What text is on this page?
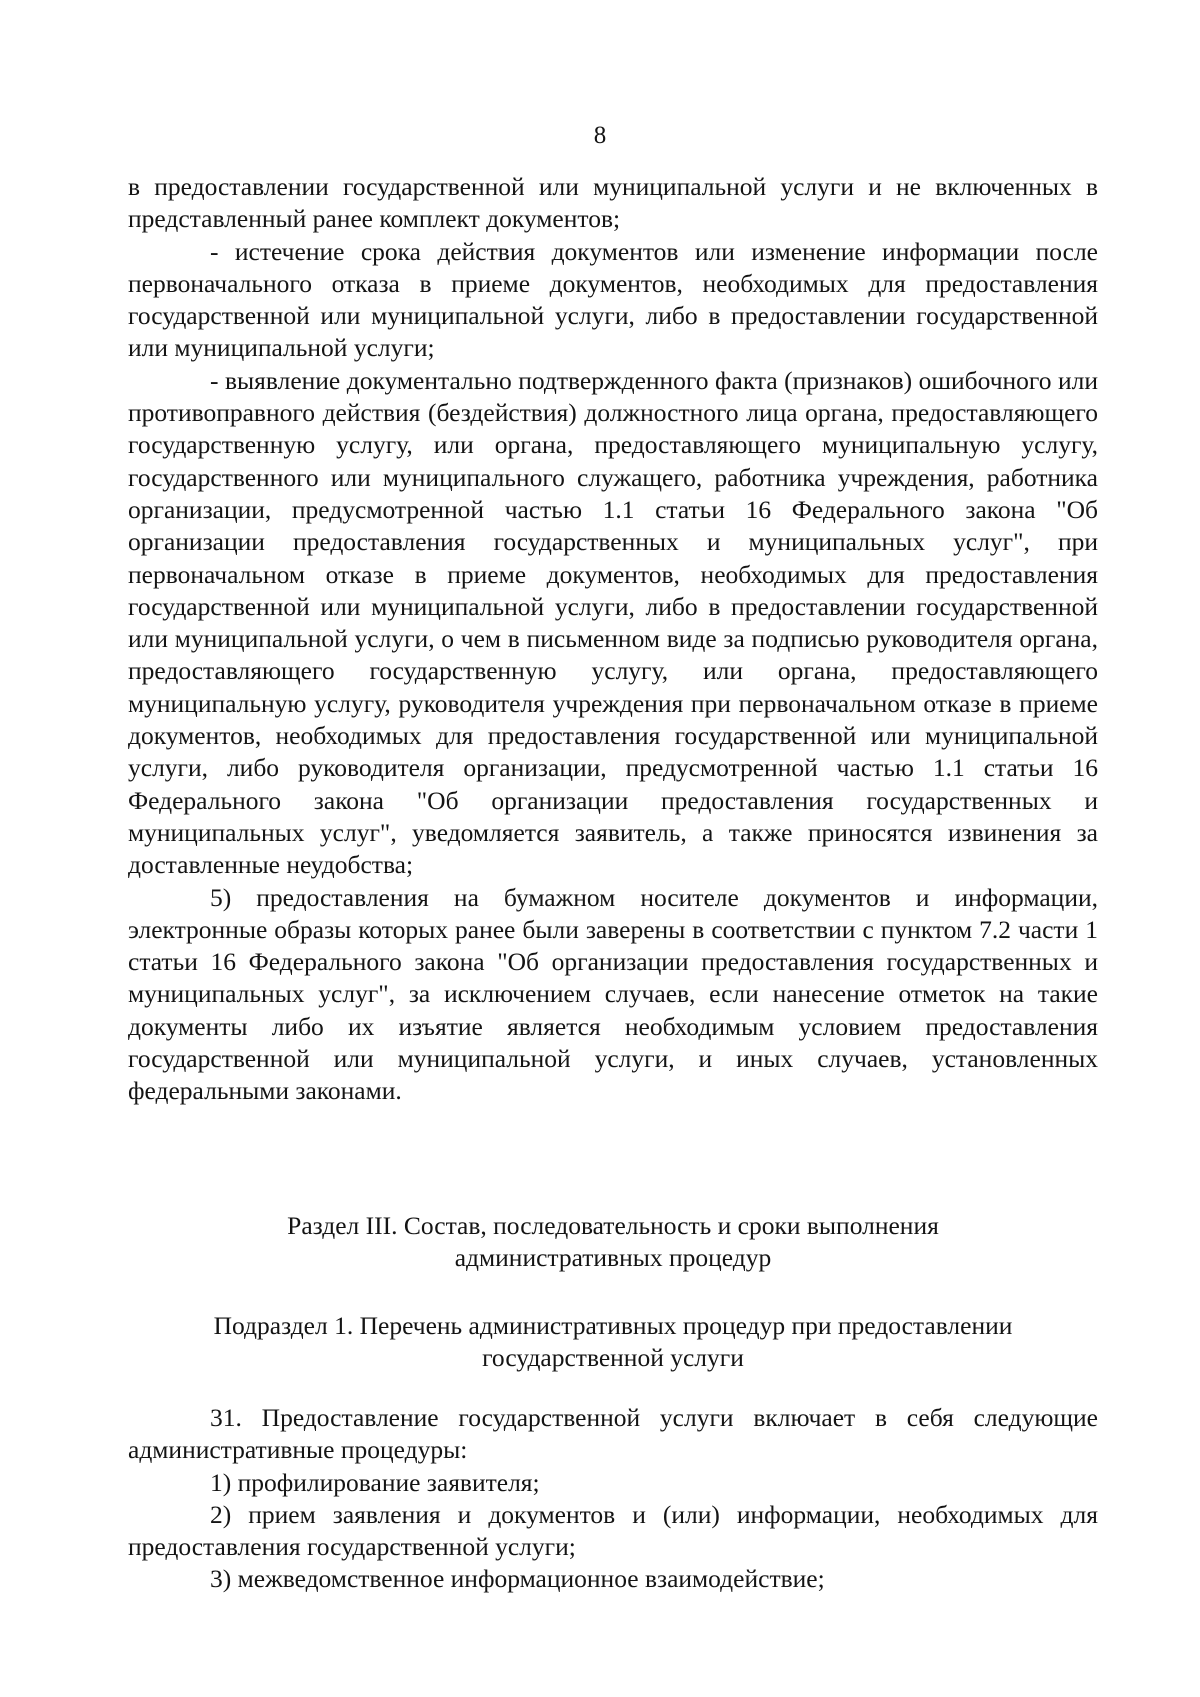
8

в предоставлении государственной или муниципальной услуги и не включенных в представленный ранее комплект документов;

- истечение срока действия документов или изменение информации после первоначального отказа в приеме документов, необходимых для предоставления государственной или муниципальной услуги, либо в предоставлении государственной или муниципальной услуги;

- выявление документально подтвержденного факта (признаков) ошибочного или противоправного действия (бездействия) должностного лица органа, предоставляющего государственную услугу, или органа, предоставляющего муниципальную услугу, государственного или муниципального служащего, работника учреждения, работника организации, предусмотренной частью 1.1 статьи 16 Федерального закона "Об организации предоставления государственных и муниципальных услуг", при первоначальном отказе в приеме документов, необходимых для предоставления государственной или муниципальной услуги, либо в предоставлении государственной или муниципальной услуги, о чем в письменном виде за подписью руководителя органа, предоставляющего государственную услугу, или органа, предоставляющего муниципальную услугу, руководителя учреждения при первоначальном отказе в приеме документов, необходимых для предоставления государственной или муниципальной услуги, либо руководителя организации, предусмотренной частью 1.1 статьи 16 Федерального закона "Об организации предоставления государственных и муниципальных услуг", уведомляется заявитель, а также приносятся извинения за доставленные неудобства;

5) предоставления на бумажном носителе документов и информации, электронные образы которых ранее были заверены в соответствии с пунктом 7.2 части 1 статьи 16 Федерального закона "Об организации предоставления государственных и муниципальных услуг", за исключением случаев, если нанесение отметок на такие документы либо их изъятие является необходимым условием предоставления государственной или муниципальной услуги, и иных случаев, установленных федеральными законами.

Раздел III. Состав, последовательность и сроки выполнения

административных процедур

Подраздел 1. Перечень административных процедур при предоставлении

государственной услуги

31. Предоставление государственной услуги включает в себя следующие административные процедуры:

1) профилирование заявителя;

2) прием заявления и документов и (или) информации, необходимых для предоставления государственной услуги;

3) межведомственное информационное взаимодействие;
